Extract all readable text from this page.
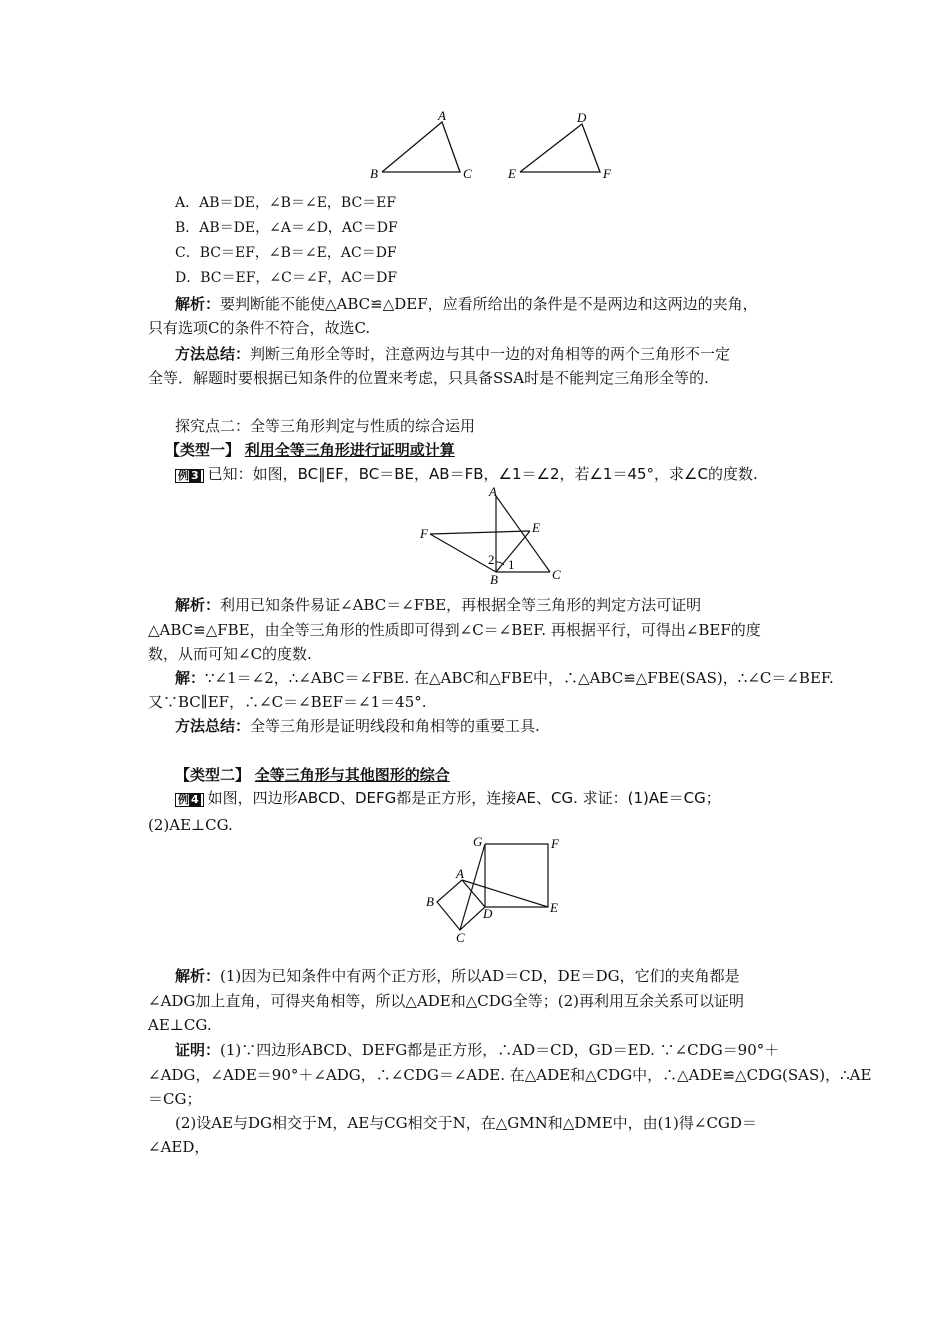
A
B	C
D
E	F
A．AB＝DE，∠B＝∠E，BC＝EF
B．AB＝DE，∠A＝∠D，AC＝DF
C．BC＝EF，∠B＝∠E，AC＝DF
D．BC＝EF，∠C＝∠F，AC＝DF
解析：要判断能不能使△ABC≌△DEF，应看所给出的条件是不是两边和这两边的夹角，
只有选项C的条件不符合，故选C.
方法总结：判断三角形全等时，注意两边与其中一边的对角相等的两个三角形不一定
全等．解题时要根据已知条件的位置来考虑，只具备SSA时是不能判定三角形全等的.
探究点二：全等三角形判定与性质的综合运用
【类型一】 利用全等三角形进行证明或计算
例 3 已知：如图，BC∥EF，BC＝BE，AB＝FB，∠1＝∠2，若∠1＝45°，求∠C的度数.
A
E
F
2 1
B	C
解析：利用已知条件易证∠ABC＝∠FBE，再根据全等三角形的判定方法可证明
△ABC≌△FBE，由全等三角形的性质即可得到∠C＝∠BEF. 再根据平行，可得出∠BEF的度
数，从而可知∠C的度数.
解：∵∠1＝∠2，∴∠ABC＝∠FBE. 在△ABC和△FBE中，∴△ABC≌△FBE(SAS)，∴∠C＝∠BEF.
又∵BC∥EF，∴∠C＝∠BEF＝∠1＝45°.
方法总结：全等三角形是证明线段和角相等的重要工具.
【类型二】 全等三角形与其他图形的综合
例 4 如图，四边形ABCD、DEFG都是正方形，连接AE、CG. 求证：(1)AE＝CG；
(2)AE⊥CG.
G	F
A
B
D	E
C
解析：(1)因为已知条件中有两个正方形，所以AD＝CD，DE＝DG，它们的夹角都是
∠ADG加上直角，可得夹角相等，所以△ADE和△CDG全等；(2)再利用互余关系可以证明
AE⊥CG.
证明：(1)∵四边形ABCD、DEFG都是正方形，∴AD＝CD，GD＝ED. ∵∠CDG＝90°＋
∠ADG，∠ADE＝90°＋∠ADG，∴∠CDG＝∠ADE. 在△ADE和△CDG中，∴△ADE≌△CDG(SAS)，∴AE
＝CG；
(2)设AE与DG相交于M，AE与CG相交于N，在△GMN和△DME中，由(1)得∠CGD＝
∠AED，
